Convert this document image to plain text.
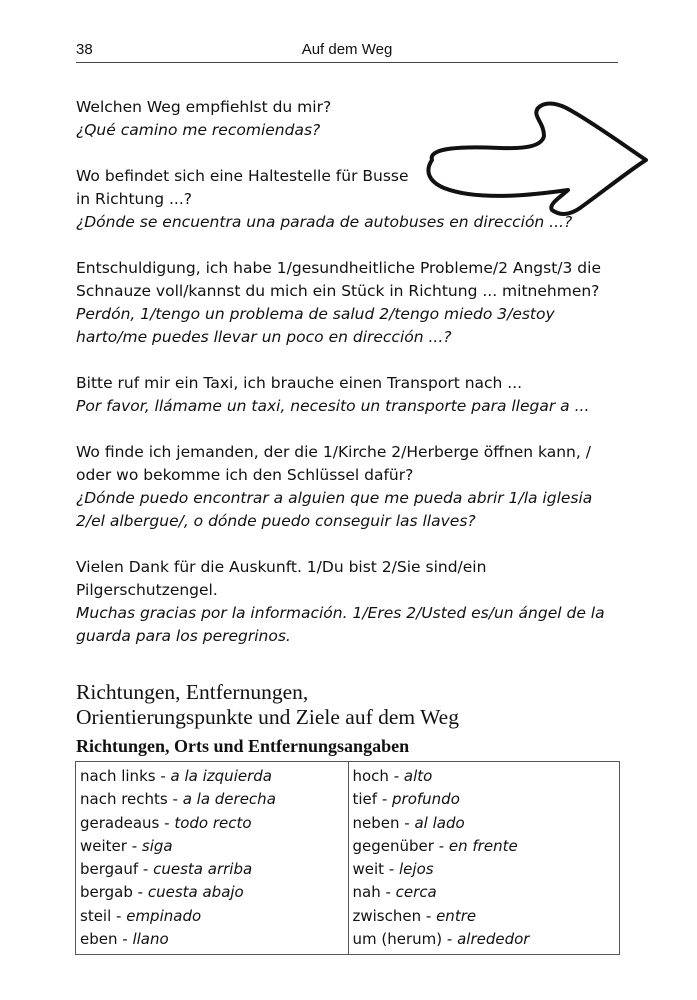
38	Auf dem Weg

Welchen Weg empfiehlst du mir?

¿Qué camino me recomiendas?

Wo befindet sich eine Haltestelle für Busse in Richtung ...?

¿Dónde se encuentra una parada de autobuses en dirección ...?

Entschuldigung, ich habe 1/gesundheitliche Probleme/2 Angst/3 die Schnauze voll/kannst du mich ein Stück in Richtung ... mitnehmen?

Perdón, 1/tengo un problema de salud 2/tengo miedo 3/estoy harto/me puedes llevar un poco en dirección ...?

Bitte ruf mir ein Taxi, ich brauche einen Transport nach ...

Por favor, llámame un taxi, necesito un transporte para llegar a ...

Wo finde ich jemanden, der die 1/Kirche 2/Herberge öffnen kann, / oder wo bekomme ich den Schlüssel dafür?

¿Dónde puedo encontrar a alguien que me pueda abrir 1/la iglesia 2/el albergue/, o dónde puedo conseguir las llaves?

Vielen Dank für die Auskunft. 1/Du bist 2/Sie sind/ein Pilgerschutzengel.

Muchas gracias por la información. 1/Eres 2/Usted es/un ángel de la guarda para los peregrinos.

Richtungen, Entfernungen,
Orientierungspunkte und Ziele auf dem Weg
Richtungen, Orts und Entfernungsangaben
nach links - a la izquierda
nach rechts - a la derecha
geradeaus - todo recto
weiter - siga
bergauf - cuesta arriba
bergab - cuesta abajo
steil - empinado
eben - llano
hoch - alto
tief - profundo
neben - al lado
gegenüber - en frente
weit - lejos
nah - cerca
zwischen - entre
um (herum) - alrededor
